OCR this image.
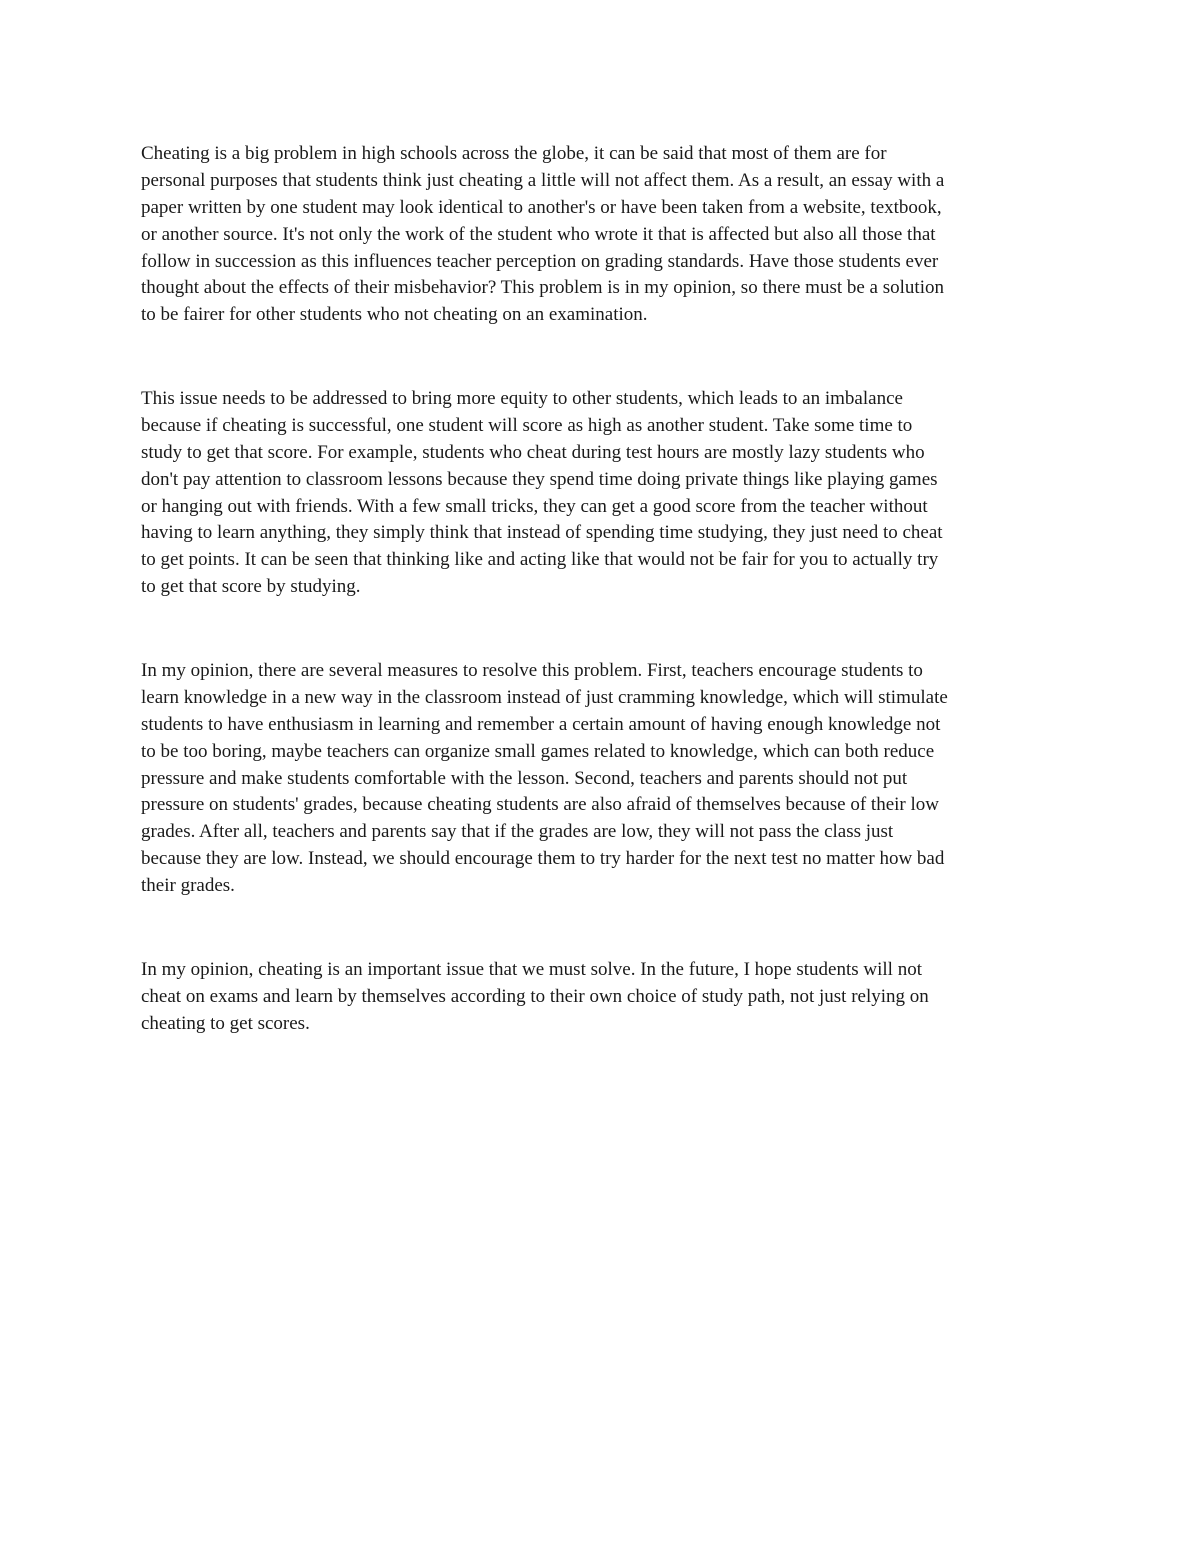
Cheating is a big problem in high schools across the globe, it can be said that most of them are for
personal purposes that students think just cheating a little will not affect them. As a result, an essay with a
paper written by one student may look identical to another's or have been taken from a website, textbook,
or another source. It's not only the work of the student who wrote it that is affected but also all those that
follow in succession as this influences teacher perception on grading standards. Have those students ever
thought about the effects of their misbehavior? This problem is in my opinion, so there must be a solution
to be fairer for other students who not cheating on an examination.
This issue needs to be addressed to bring more equity to other students, which leads to an imbalance
because if cheating is successful, one student will score as high as another student. Take some time to
study to get that score. For example, students who cheat during test hours are mostly lazy students who
don't pay attention to classroom lessons because they spend time doing private things like playing games
or hanging out with friends. With a few small tricks, they can get a good score from the teacher without
having to learn anything, they simply think that instead of spending time studying, they just need to cheat
to get points. It can be seen that thinking like and acting like that would not be fair for you to actually try
to get that score by studying.
In my opinion, there are several measures to resolve this problem. First, teachers encourage students to
learn knowledge in a new way in the classroom instead of just cramming knowledge, which will stimulate
students to have enthusiasm in learning and remember a certain amount of having enough knowledge not
to be too boring, maybe teachers can organize small games related to knowledge, which can both reduce
pressure and make students comfortable with the lesson. Second, teachers and parents should not put
pressure on students' grades, because cheating students are also afraid of themselves because of their low
grades. After all, teachers and parents say that if the grades are low, they will not pass the class just
because they are low. Instead, we should encourage them to try harder for the next test no matter how bad
their grades.
In my opinion, cheating is an important issue that we must solve. In the future, I hope students will not
cheat on exams and learn by themselves according to their own choice of study path, not just relying on
cheating to get scores.
